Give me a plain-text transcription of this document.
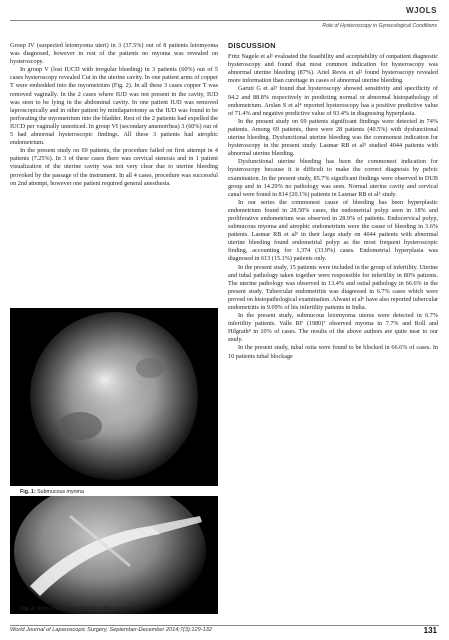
WJOLS
Role of Hysteroscopy in Gynecological Conditions

Group IV (suspected leiomyoma uteri) in 3 (37.5%) out of 8 patients leiomyoma was diagnosed, however in rest of the patients no myoma was revealed on hysteroscopy.

In group V (lost IUCD with irregular bleeding) in 3 patients (60%) out of 5 cases hysteroscopy revealed Cut in the uterine cavity. In one patient arms of copper T were embedded into the myometrium (Fig. 2). In all these 3 cases copper T was removed vaginally. In the 2 cases where IUD was not present in the cavity, IUD was seen to be lying in the abdominal cavity. In one patient IUD was removed laproscopically and in other patient by minilaparotomy as the IUD was found to be perforating the myometrium into the bladder. Rest of the 2 patients had expelled the IUCD per vaginally unnoticed. In group VI (secondary amenorrhea) 3 (60%) out of 5 had abnormal hysteroscopic findings. All these 3 patients had atrophic endometrium.

In the present study on 69 patients, the procedure failed on first attempt in 4 patients (7.25%). In 3 of these cases there was cervical stenosis and in 1 patient visualization of the uterine cavity was not very clear due to uterine bleeding provoked by the passage of the instrument. In all 4 cases, procedure was successful on 2nd attempt, however one patient required general anesthesia.

Fig. 1: Submucous myoma
Fig. 2: Arms of IUD embedded into the myometrium
DISCUSSION

Fritz Nagele et al¹ evaluated the feasibility and acceptability of outpatient diagnostic hysteroscopy and found that most common indication for hysteroscopy was abnormal uterine bleeding (87%). Ariel Revis et al² found hysteroscopy revealed more information than curettage in cases of abnormal uterine bleeding.

Garuti G et al³ found that hysteroscopy showed sensitivity and specificity of 94.2 and 88.8% respectively in predicting normal or abnormal histopathology of endometrium. Arslan S et al⁴ reported hysteroscopy has a positive predictive value of 71.4% and negative predictive value of 93.4% in diagnosing hyperplasia.

In the present study on 69 patients significant findings were detected in 74% patients. Among 69 patients, there were 28 patients (40.5%) with dysfunctional uterine bleeding. Dysfunctional uterine bleeding was the commonest indication for hysteroscopy in the present study. Lasmar RB et al⁵ studied 4044 patients with abnormal uterine bleeding.

Dysfunctional uterine bleeding has been the commonest indication for hysteroscopy because it is difficult to make the correct diagnosis by pelvic examination. In the present study, 85.7% significant findings were observed in DUB group and in 14.29% no pathology was seen. Normal uterine cavity and cervical canal were found in 814 (20.1%) patients in Lasmar RB et al⁵ study.

In our series the commonest cause of bleeding has been hyperplastic endometrium found in 28.50% cases, the endometrial polyp seen in 18% and proliferative endometrium was observed in 28.9% of patients. Endocervical polyp, submucous myoma and atrophic endometrium were the cause of bleeding in 3.6% patients. Lasmar RB et al⁵ in their large study on 4044 patients with abnormal uterine bleeding found endometrial polyp as the most frequent hysteroscopic finding, accounting for 1,374 (33.9%) cases. Endometrial hyperplasia was diagnosed in 613 (15.1%) patients only.

In the present study, 15 patients were included in the group of infertility. Uterine and tubal pathology taken together were responsible for infertility in 80% patients. The uterine pathology was observed in 13.4% and ostial pathology in 66.6% in the present study. Tubercular endometritis was diagnosed in 6.7% cases which were proved on histopathological examination. Alwani et al⁶ have also reported tubercular endometritis in 9.09% of his infertility patients in India.

In the present study, submucous leiomyoma uterus were detected in 6.7% infertility patients. Valle RF (1980)⁷ observed myoma in 7.7% and Roll and Hilgrath⁸ in 10% of cases. The results of the above authors are quite near to our study.

In the present study, tubal ostia were found to be blocked in 66.6% of cases. In 10 patients tubal blockage

World Journal of Laparoscopic Surgery, September-December 2014;7(3):129-132	131
